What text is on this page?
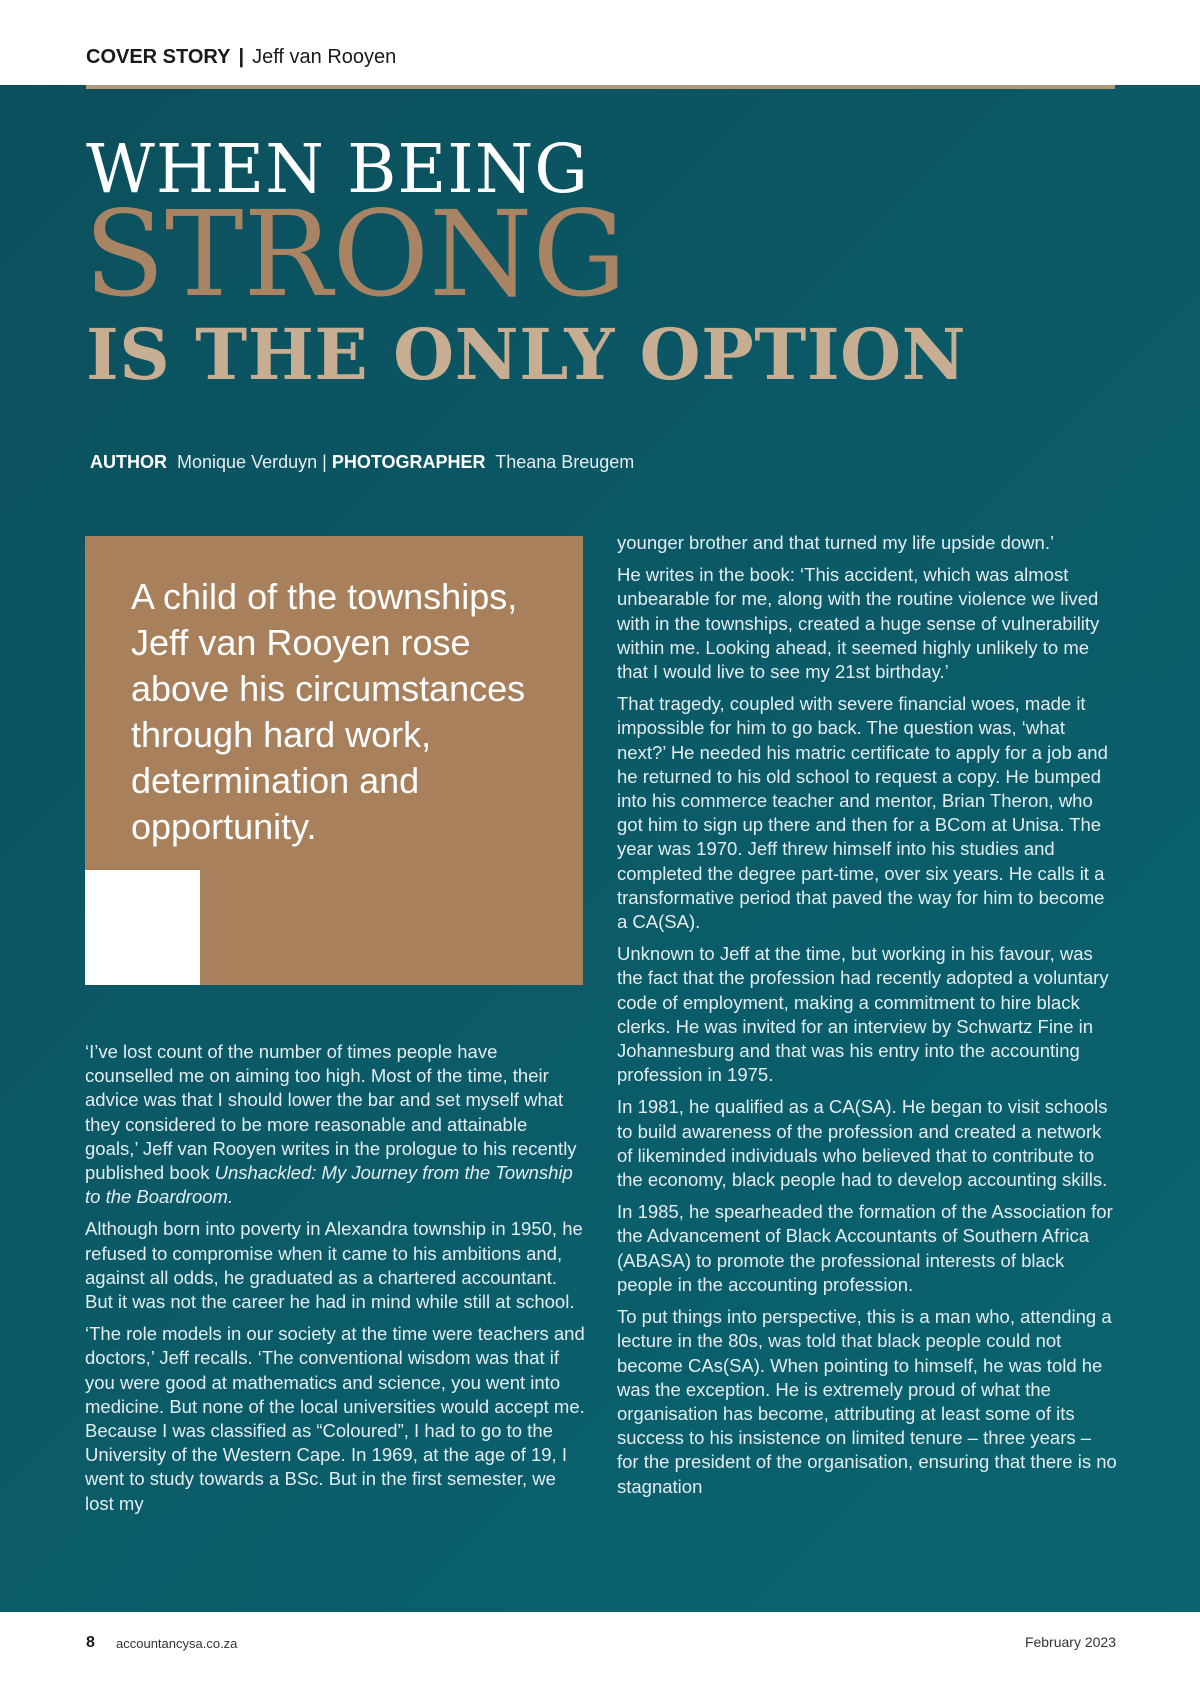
COVER STORY | Jeff van Rooyen
WHEN BEING
STRONG
IS THE ONLY OPTION
AUTHOR Monique Verduyn | PHOTOGRAPHER Theana Breugem
A child of the townships, Jeff van Rooyen rose above his circumstances through hard work, determination and opportunity.

‘I’ve lost count of the number of times people have counselled me on aiming too high. Most of the time, their advice was that I should lower the bar and set myself what they considered to be more reasonable and attainable goals,’ Jeff van Rooyen writes in the prologue to his recently published book Unshackled: My Journey from the Township to the Boardroom.

Although born into poverty in Alexandra township in 1950, he refused to compromise when it came to his ambitions and, against all odds, he graduated as a chartered accountant. But it was not the career he had in mind while still at school.

‘The role models in our society at the time were teachers and doctors,’ Jeff recalls. ‘The conventional wisdom was that if you were good at mathematics and science, you went into medicine. But none of the local universities would accept me. Because I was classified as “Coloured”, I had to go to the University of the Western Cape. In 1969, at the age of 19, I went to study towards a BSc. But in the first semester, we lost my

younger brother and that turned my life upside down.’

He writes in the book: ‘This accident, which was almost unbearable for me, along with the routine violence we lived with in the townships, created a huge sense of vulnerability within me. Looking ahead, it seemed highly unlikely to me that I would live to see my 21st birthday.’

That tragedy, coupled with severe financial woes, made it impossible for him to go back. The question was, ‘what next?’ He needed his matric certificate to apply for a job and he returned to his old school to request a copy. He bumped into his commerce teacher and mentor, Brian Theron, who got him to sign up there and then for a BCom at Unisa. The year was 1970. Jeff threw himself into his studies and completed the degree part-time, over six years. He calls it a transformative period that paved the way for him to become a CA(SA).

Unknown to Jeff at the time, but working in his favour, was the fact that the profession had recently adopted a voluntary code of employment, making a commitment to hire black clerks. He was invited for an interview by Schwartz Fine in Johannesburg and that was his entry into the accounting profession in 1975.

In 1981, he qualified as a CA(SA). He began to visit schools to build awareness of the profession and created a network of likeminded individuals who believed that to contribute to the economy, black people had to develop accounting skills.

In 1985, he spearheaded the formation of the Association for the Advancement of Black Accountants of Southern Africa (ABASA) to promote the professional interests of black people in the accounting profession.

To put things into perspective, this is a man who, attending a lecture in the 80s, was told that black people could not become CAs(SA). When pointing to himself, he was told he was the exception. He is extremely proud of what the organisation has become, attributing at least some of its success to his insistence on limited tenure – three years – for the president of the organisation, ensuring that there is no stagnation

8 accountancysa.co.za	February 2023
